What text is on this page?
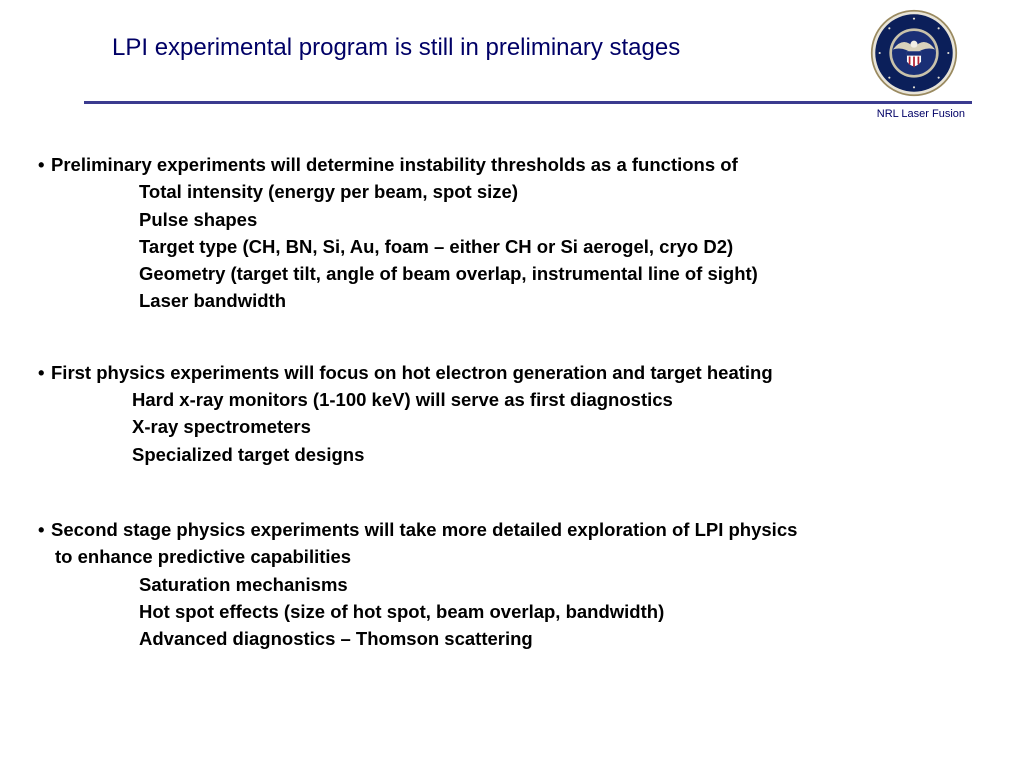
LPI experimental program is still in preliminary stages
NRL Laser Fusion
• Preliminary experiments will determine instability thresholds as a functions of
Total intensity (energy per beam, spot size)
Pulse shapes
Target type (CH, BN, Si, Au, foam – either CH or Si aerogel, cryo D2)
Geometry (target tilt, angle of beam overlap, instrumental line of sight)
Laser bandwidth
• First physics experiments will focus on hot electron generation and target heating
Hard x-ray monitors (1-100 keV) will serve as first diagnostics
X-ray spectrometers
Specialized target designs
• Second stage physics experiments will take more detailed exploration of LPI physics
to enhance predictive capabilities
Saturation mechanisms
Hot spot effects (size of hot spot, beam overlap, bandwidth)
Advanced diagnostics – Thomson scattering
